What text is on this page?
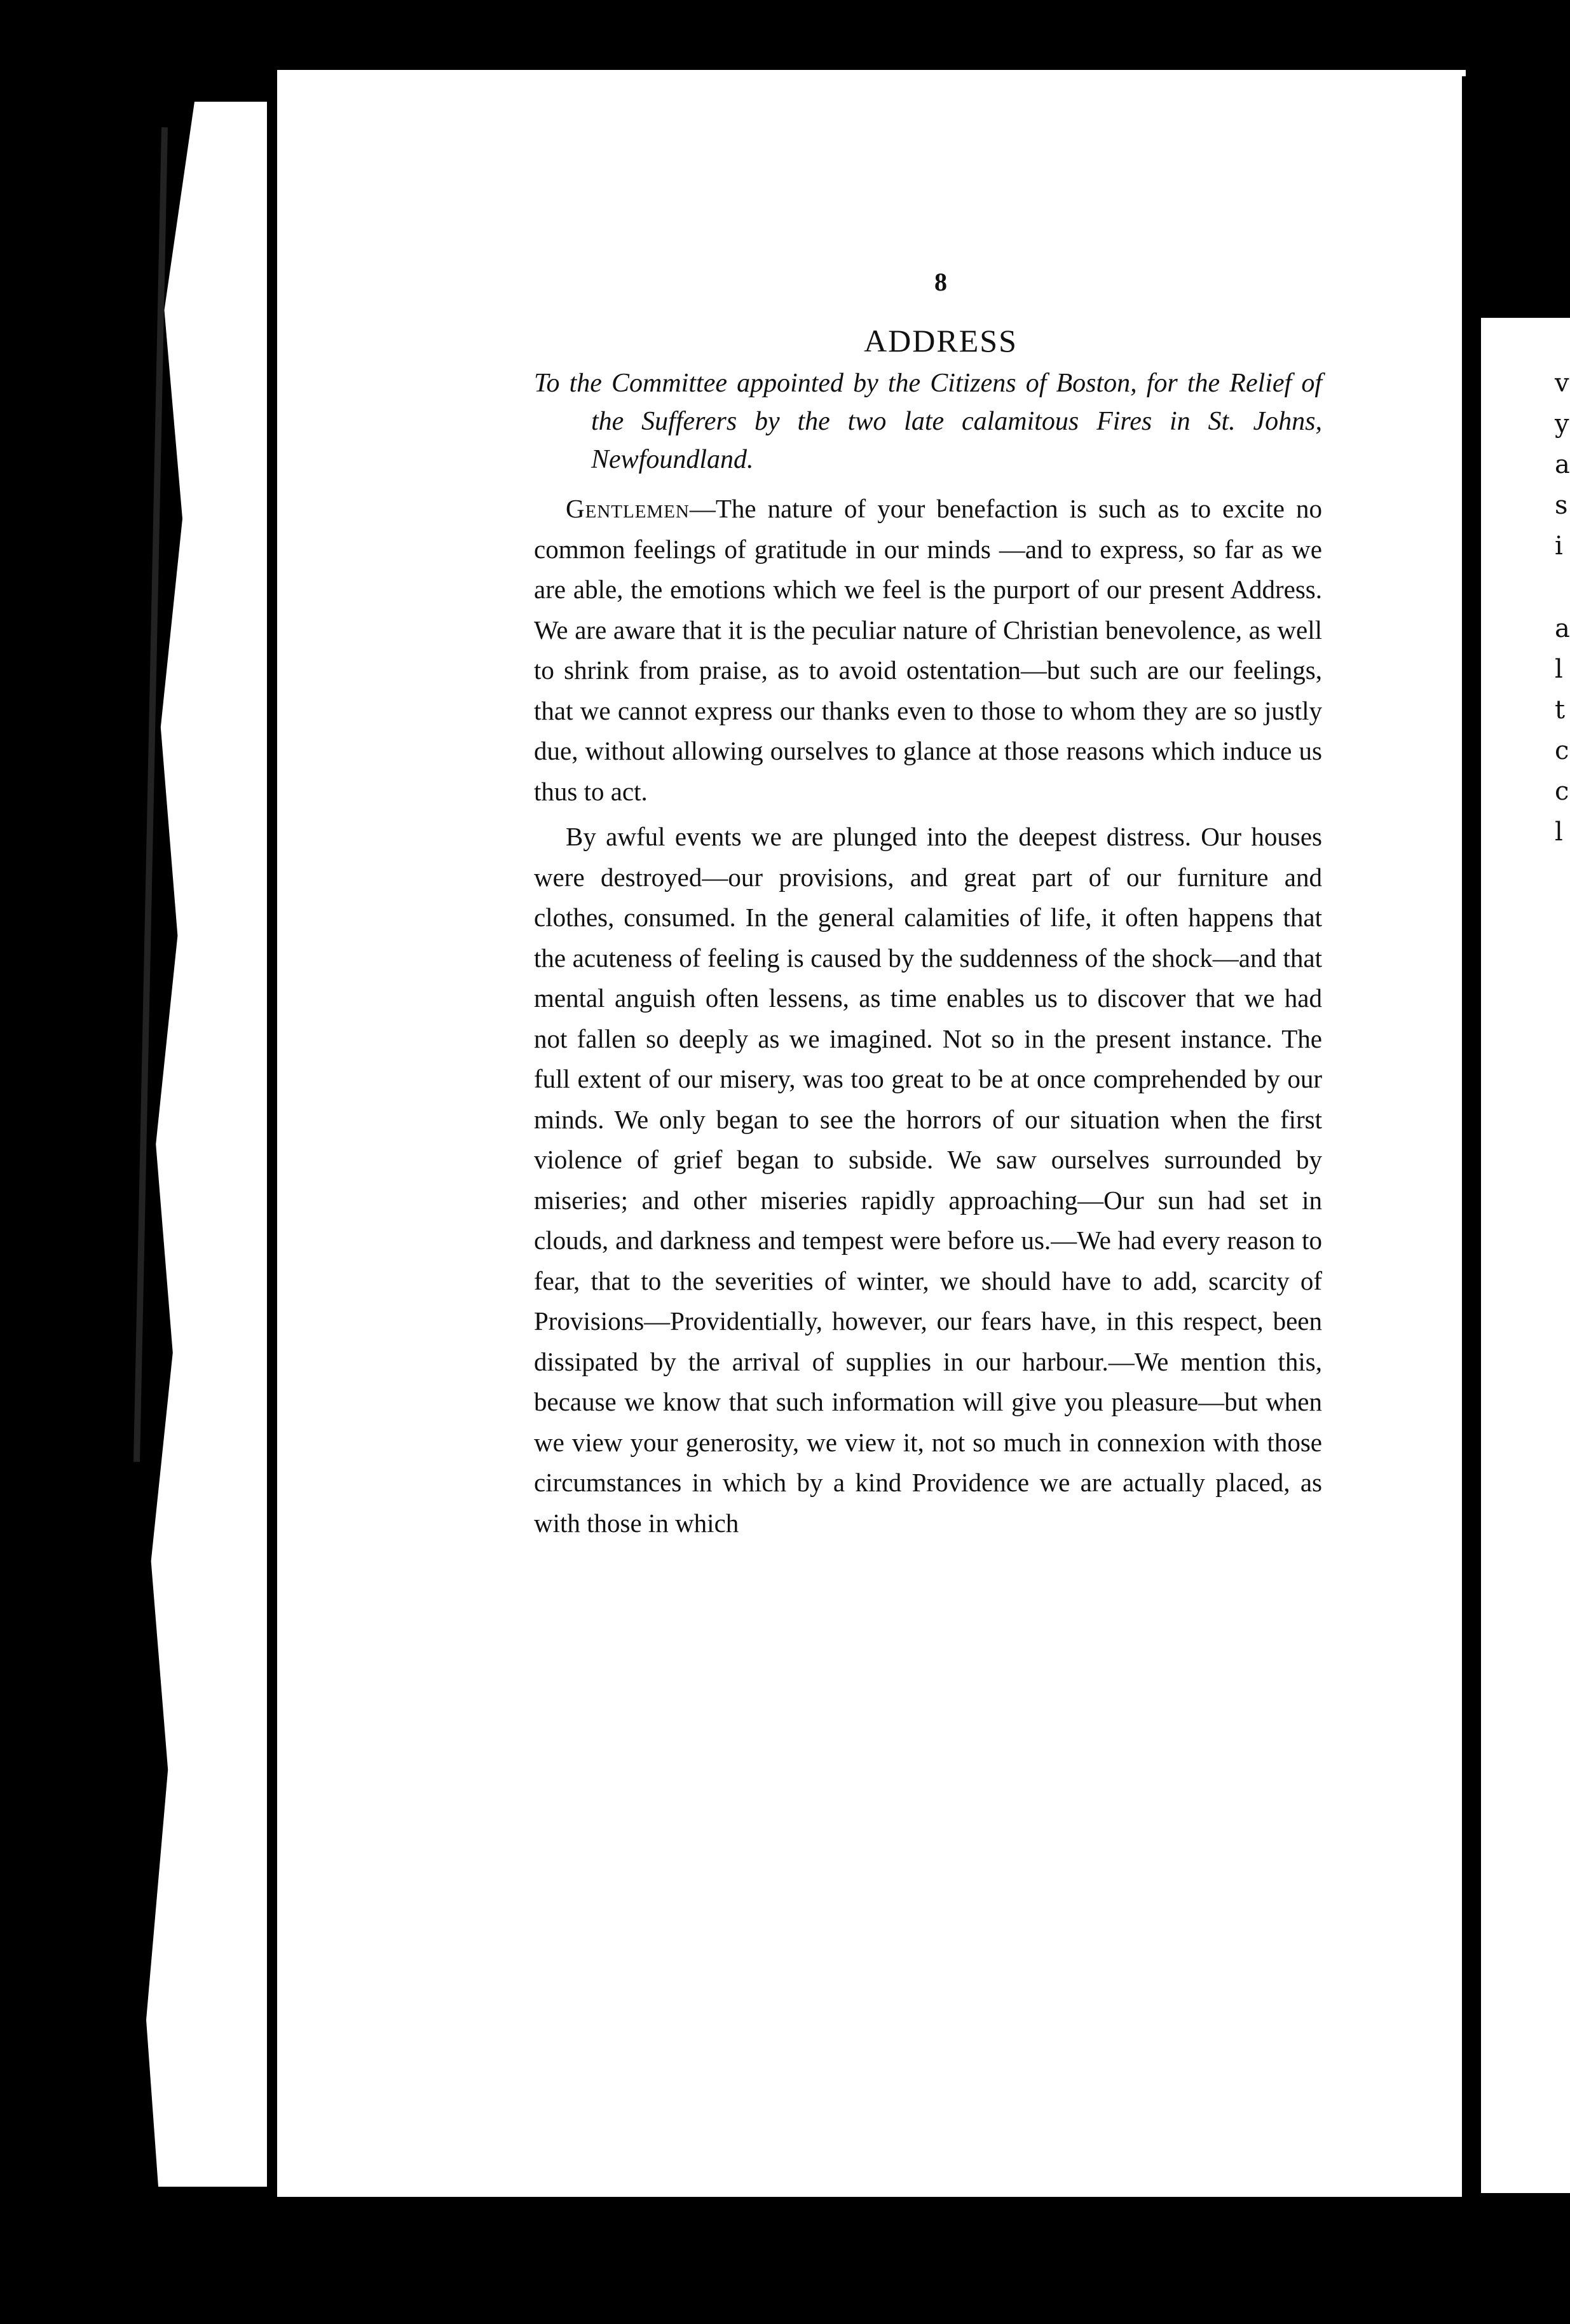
v
y
a
s
i
a
l
t
c
c
l
8
ADDRESS
To the Committee appointed by the Citizens of Boston, for the Relief of the Sufferers by the two late calamitous Fires in St. Johns, Newfoundland.

Gentlemen—The nature of your benefaction is such as to excite no common feelings of gratitude in our minds —and to express, so far as we are able, the emotions which we feel is the purport of our present Address. We are aware that it is the peculiar nature of Christian benevolence, as well to shrink from praise, as to avoid ostentation—but such are our feelings, that we cannot express our thanks even to those to whom they are so justly due, without allowing ourselves to glance at those reasons which induce us thus to act.

By awful events we are plunged into the deepest distress. Our houses were destroyed—our provisions, and great part of our furniture and clothes, consumed. In the general calamities of life, it often happens that the acuteness of feeling is caused by the suddenness of the shock—and that mental anguish often lessens, as time enables us to discover that we had not fallen so deeply as we imagined. Not so in the present instance. The full extent of our misery, was too great to be at once comprehended by our minds. We only began to see the horrors of our situation when the first violence of grief began to subside. We saw ourselves surrounded by miseries; and other miseries rapidly approaching—Our sun had set in clouds, and darkness and tempest were before us.—We had every reason to fear, that to the severities of winter, we should have to add, scarcity of Provisions—Providentially, however, our fears have, in this respect, been dissipated by the arrival of supplies in our harbour.—We mention this, because we know that such information will give you pleasure—but when we view your generosity, we view it, not so much in connexion with those circumstances in which by a kind Providence we are actually placed, as with those in which
